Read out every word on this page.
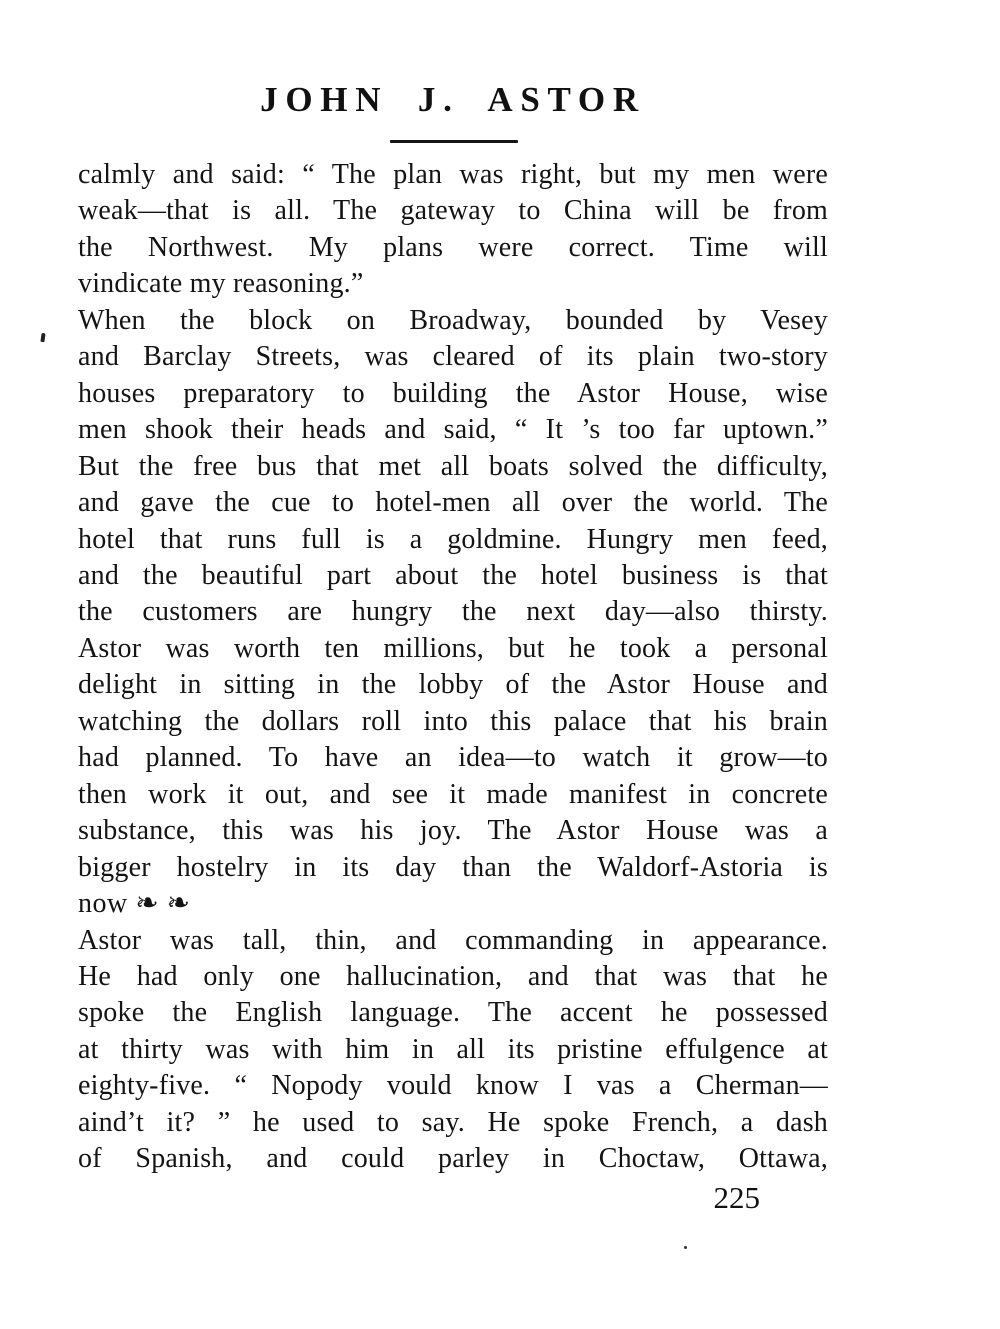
JOHN J. ASTOR
calmly and said: “ The plan was right, but my men were
weak—that is all. The gateway to China will be from
the Northwest. My plans were correct. Time will
vindicate my reasoning.”
When the block on Broadway, bounded by Vesey
and Barclay Streets, was cleared of its plain two-story
houses preparatory to building the Astor House, wise
men shook their heads and said, “ It ’s too far uptown.”
But the free bus that met all boats solved the difficulty,
and gave the cue to hotel-men all over the world. The
hotel that runs full is a goldmine. Hungry men feed,
and the beautiful part about the hotel business is that
the customers are hungry the next day—also thirsty.
Astor was worth ten millions, but he took a personal
delight in sitting in the lobby of the Astor House and
watching the dollars roll into this palace that his brain
had planned. To have an idea—to watch it grow—to
then work it out, and see it made manifest in concrete
substance, this was his joy. The Astor House was a
bigger hostelry in its day than the Waldorf-Astoria is
now ❧ ❧
Astor was tall, thin, and commanding in appearance.
He had only one hallucination, and that was that he
spoke the English language. The accent he possessed
at thirty was with him in all its pristine effulgence at
eighty-five. “ Nopody vould know I vas a Cherman—
aind’t it? ” he used to say. He spoke French, a dash
of Spanish, and could parley in Choctaw, Ottawa,
225
